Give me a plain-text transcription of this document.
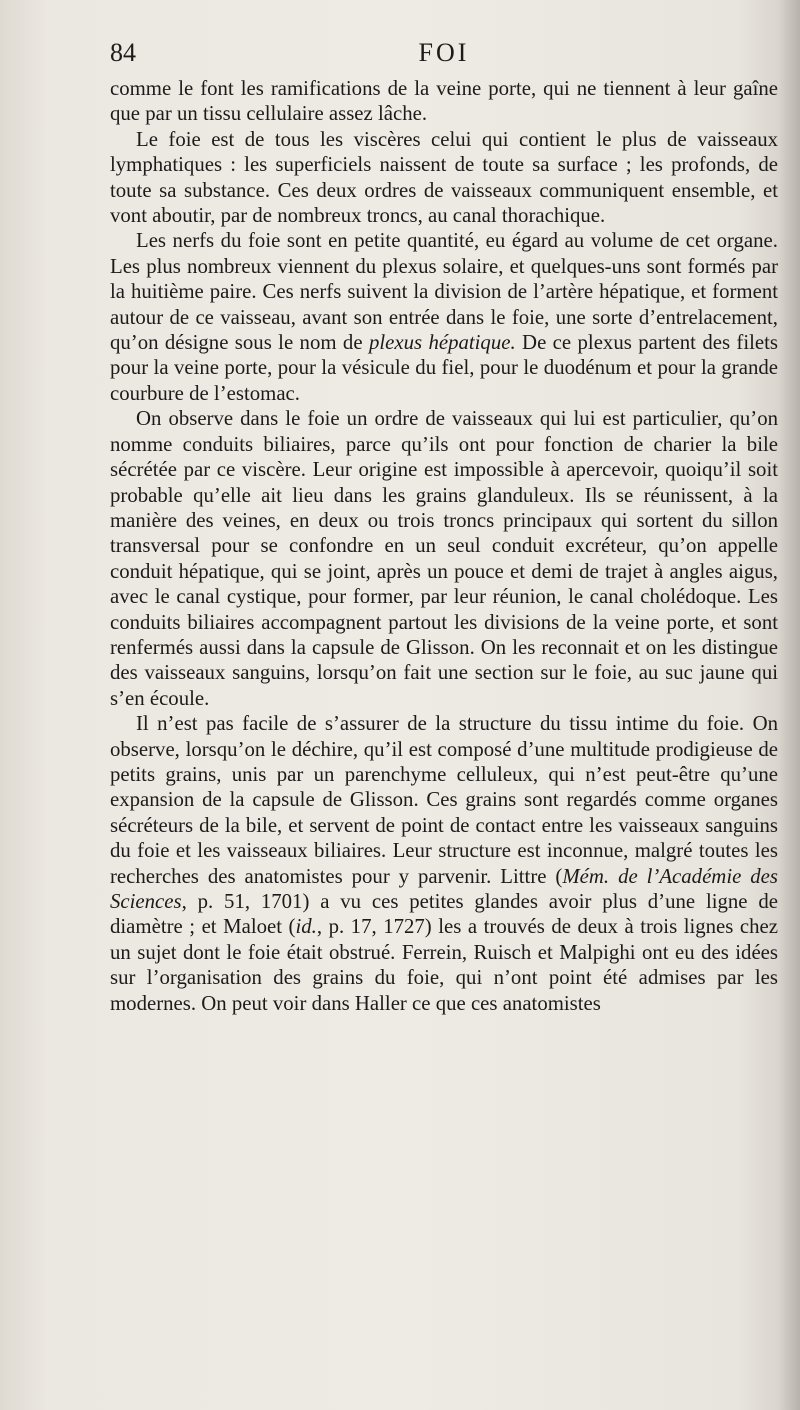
84	FOI

comme le font les ramifications de la veine porte, qui ne tiennent à leur gaîne que par un tissu cellulaire assez lâche.

Le foie est de tous les viscères celui qui contient le plus de vaisseaux lymphatiques : les superficiels naissent de toute sa surface ; les profonds, de toute sa substance. Ces deux ordres de vaisseaux communiquent ensemble, et vont aboutir, par de nombreux troncs, au canal thorachique.

Les nerfs du foie sont en petite quantité, eu égard au volume de cet organe. Les plus nombreux viennent du plexus solaire, et quelques-uns sont formés par la huitième paire. Ces nerfs suivent la division de l’artère hépatique, et forment autour de ce vaisseau, avant son entrée dans le foie, une sorte d’entrelacement, qu’on désigne sous le nom de plexus hépatique. De ce plexus partent des filets pour la veine porte, pour la vésicule du fiel, pour le duodénum et pour la grande courbure de l’estomac.

On observe dans le foie un ordre de vaisseaux qui lui est particulier, qu’on nomme conduits biliaires, parce qu’ils ont pour fonction de charier la bile sécrétée par ce viscère. Leur origine est impossible à apercevoir, quoiqu’il soit probable qu’elle ait lieu dans les grains glanduleux. Ils se réunissent, à la manière des veines, en deux ou trois troncs principaux qui sortent du sillon transversal pour se confondre en un seul conduit excréteur, qu’on appelle conduit hépatique, qui se joint, après un pouce et demi de trajet à angles aigus, avec le canal cystique, pour former, par leur réunion, le canal cholédoque. Les conduits biliaires accompagnent partout les divisions de la veine porte, et sont renfermés aussi dans la capsule de Glisson. On les reconnait et on les distingue des vaisseaux sanguins, lorsqu’on fait une section sur le foie, au suc jaune qui s’en écoule.

Il n’est pas facile de s’assurer de la structure du tissu intime du foie. On observe, lorsqu’on le déchire, qu’il est composé d’une multitude prodigieuse de petits grains, unis par un parenchyme celluleux, qui n’est peut-être qu’une expansion de la capsule de Glisson. Ces grains sont regardés comme organes sécréteurs de la bile, et servent de point de contact entre les vaisseaux sanguins du foie et les vaisseaux biliaires. Leur structure est inconnue, malgré toutes les recherches des anatomistes pour y parvenir. Littre (Mém. de l’Académie des Sciences, p. 51, 1701) a vu ces petites glandes avoir plus d’une ligne de diamètre ; et Maloet (id., p. 17, 1727) les a trouvés de deux à trois lignes chez un sujet dont le foie était obstrué. Ferrein, Ruisch et Malpighi ont eu des idées sur l’organisation des grains du foie, qui n’ont point été admises par les modernes. On peut voir dans Haller ce que ces anatomistes
